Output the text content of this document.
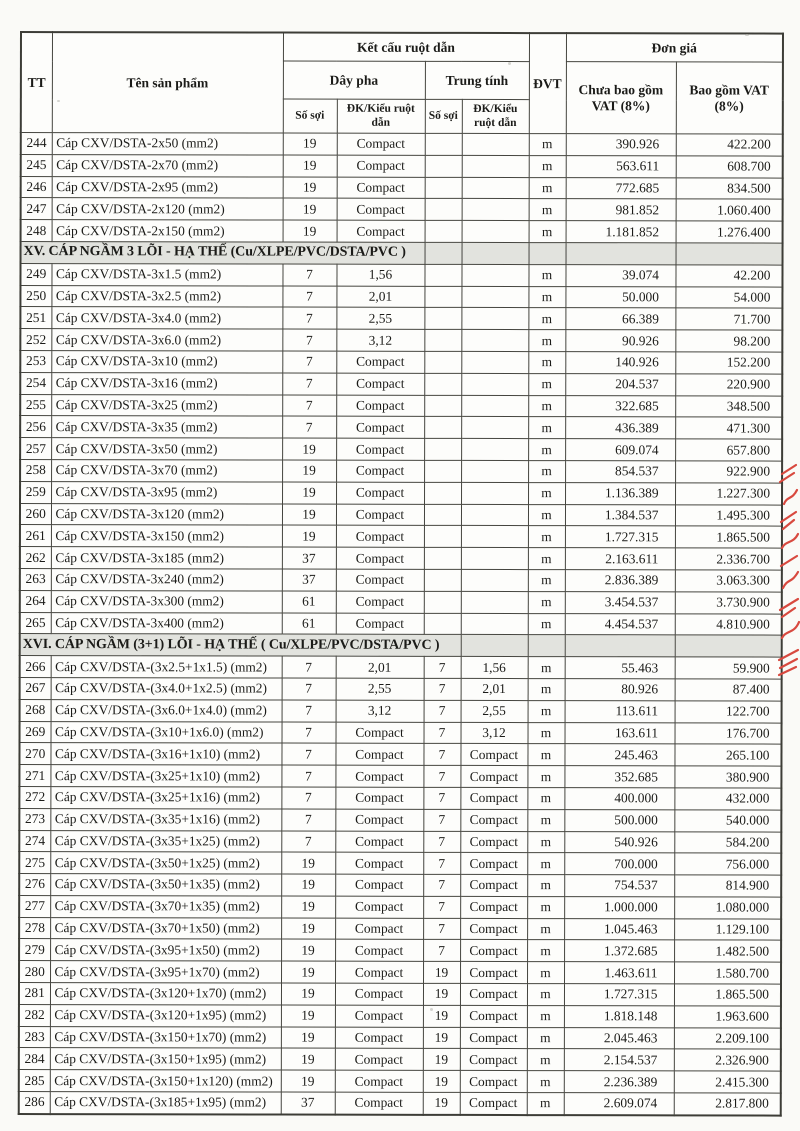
TT	Tên sản phẩm	Kết cấu ruột dẫn				ĐVT	Đơn giá	
		Dây pha		Trung tính			Chưa bao gồm VAT (8%)	Bao gồm VAT (8%)
		Số sợi	ĐK/Kiểu ruột dẫn	Số sợi	ĐK/Kiểu ruột dẫn			
244	Cáp CXV/DSTA-2x50 (mm2)	19	Compact			m	390.926	422.200
245	Cáp CXV/DSTA-2x70 (mm2)	19	Compact			m	563.611	608.700
246	Cáp CXV/DSTA-2x95 (mm2)	19	Compact			m	772.685	834.500
247	Cáp CXV/DSTA-2x120 (mm2)	19	Compact			m	981.852	1.060.400
248	Cáp CXV/DSTA-2x150 (mm2)	19	Compact			m	1.181.852	1.276.400
XV. CÁP NGẦM 3 LÕI - HẠ THẾ (Cu/XLPE/PVC/DSTA/PVC )								
249	Cáp CXV/DSTA-3x1.5 (mm2)	7	1,56			m	39.074	42.200
250	Cáp CXV/DSTA-3x2.5 (mm2)	7	2,01			m	50.000	54.000
251	Cáp CXV/DSTA-3x4.0 (mm2)	7	2,55			m	66.389	71.700
252	Cáp CXV/DSTA-3x6.0 (mm2)	7	3,12			m	90.926	98.200
253	Cáp CXV/DSTA-3x10 (mm2)	7	Compact			m	140.926	152.200
254	Cáp CXV/DSTA-3x16 (mm2)	7	Compact			m	204.537	220.900
255	Cáp CXV/DSTA-3x25 (mm2)	7	Compact			m	322.685	348.500
256	Cáp CXV/DSTA-3x35 (mm2)	7	Compact			m	436.389	471.300
257	Cáp CXV/DSTA-3x50 (mm2)	19	Compact			m	609.074	657.800
258	Cáp CXV/DSTA-3x70 (mm2)	19	Compact			m	854.537	922.900
259	Cáp CXV/DSTA-3x95 (mm2)	19	Compact			m	1.136.389	1.227.300
260	Cáp CXV/DSTA-3x120 (mm2)	19	Compact			m	1.384.537	1.495.300
261	Cáp CXV/DSTA-3x150 (mm2)	19	Compact			m	1.727.315	1.865.500
262	Cáp CXV/DSTA-3x185 (mm2)	37	Compact			m	2.163.611	2.336.700
263	Cáp CXV/DSTA-3x240 (mm2)	37	Compact			m	2.836.389	3.063.300
264	Cáp CXV/DSTA-3x300 (mm2)	61	Compact			m	3.454.537	3.730.900
265	Cáp CXV/DSTA-3x400 (mm2)	61	Compact			m	4.454.537	4.810.900
XVI. CÁP NGẦM (3+1) LÕI - HẠ THẾ ( Cu/XLPE/PVC/DSTA/PVC )								
266	Cáp CXV/DSTA-(3x2.5+1x1.5) (mm2)	7	2,01	7	1,56	m	55.463	59.900
267	Cáp CXV/DSTA-(3x4.0+1x2.5) (mm2)	7	2,55	7	2,01	m	80.926	87.400
268	Cáp CXV/DSTA-(3x6.0+1x4.0) (mm2)	7	3,12	7	2,55	m	113.611	122.700
269	Cáp CXV/DSTA-(3x10+1x6.0) (mm2)	7	Compact	7	3,12	m	163.611	176.700
270	Cáp CXV/DSTA-(3x16+1x10) (mm2)	7	Compact	7	Compact	m	245.463	265.100
271	Cáp CXV/DSTA-(3x25+1x10) (mm2)	7	Compact	7	Compact	m	352.685	380.900
272	Cáp CXV/DSTA-(3x25+1x16) (mm2)	7	Compact	7	Compact	m	400.000	432.000
273	Cáp CXV/DSTA-(3x35+1x16) (mm2)	7	Compact	7	Compact	m	500.000	540.000
274	Cáp CXV/DSTA-(3x35+1x25) (mm2)	7	Compact	7	Compact	m	540.926	584.200
275	Cáp CXV/DSTA-(3x50+1x25) (mm2)	19	Compact	7	Compact	m	700.000	756.000
276	Cáp CXV/DSTA-(3x50+1x35) (mm2)	19	Compact	7	Compact	m	754.537	814.900
277	Cáp CXV/DSTA-(3x70+1x35) (mm2)	19	Compact	7	Compact	m	1.000.000	1.080.000
278	Cáp CXV/DSTA-(3x70+1x50) (mm2)	19	Compact	7	Compact	m	1.045.463	1.129.100
279	Cáp CXV/DSTA-(3x95+1x50) (mm2)	19	Compact	7	Compact	m	1.372.685	1.482.500
280	Cáp CXV/DSTA-(3x95+1x70) (mm2)	19	Compact	19	Compact	m	1.463.611	1.580.700
281	Cáp CXV/DSTA-(3x120+1x70) (mm2)	19	Compact	19	Compact	m	1.727.315	1.865.500
282	Cáp CXV/DSTA-(3x120+1x95) (mm2)	19	Compact	19	Compact	m	1.818.148	1.963.600
283	Cáp CXV/DSTA-(3x150+1x70) (mm2)	19	Compact	19	Compact	m	2.045.463	2.209.100
284	Cáp CXV/DSTA-(3x150+1x95) (mm2)	19	Compact	19	Compact	m	2.154.537	2.326.900
285	Cáp CXV/DSTA-(3x150+1x120) (mm2)	19	Compact	19	Compact	m	2.236.389	2.415.300
286	Cáp CXV/DSTA-(3x185+1x95) (mm2)	37	Compact	19	Compact	m	2.609.074	2.817.800
